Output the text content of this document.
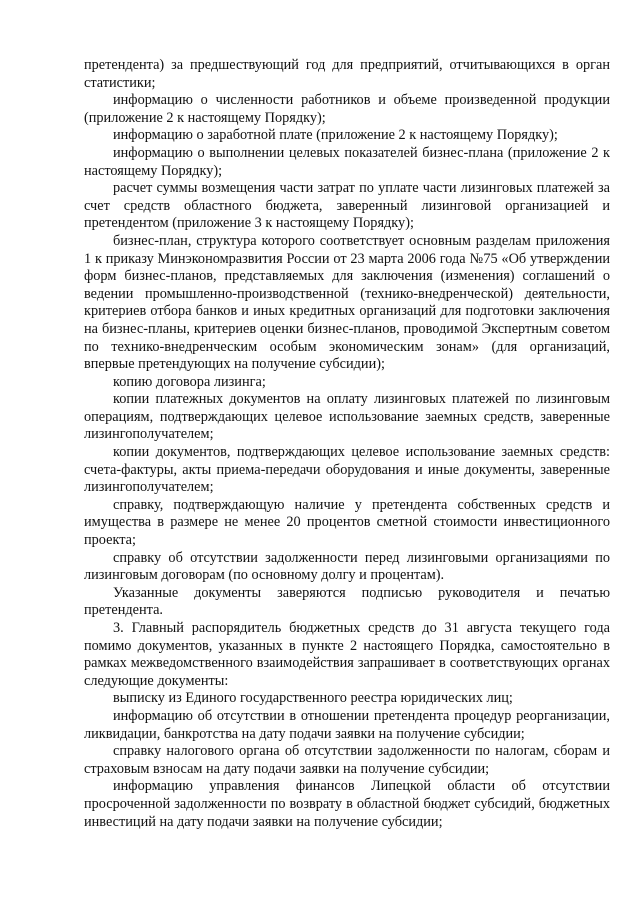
претендента) за предшествующий год для предприятий, отчитывающихся в орган статистики;

информацию о численности работников и объеме произведенной продукции (приложение 2 к настоящему Порядку);

информацию о заработной плате (приложение 2 к настоящему Порядку);

информацию о выполнении целевых показателей бизнес-плана (приложение 2 к настоящему Порядку);

расчет суммы возмещения части затрат по уплате части лизинговых платежей за счет средств областного бюджета, заверенный лизинговой организацией и претендентом (приложение 3 к настоящему Порядку);

бизнес-план, структура которого соответствует основным разделам приложения 1 к приказу Минэкономразвития России от 23 марта 2006 года №75 «Об утверждении форм бизнес-планов, представляемых для заключения (изменения) соглашений о ведении промышленно-производственной (технико-внедренческой) деятельности, критериев отбора банков и иных кредитных организаций для подготовки заключения на бизнес-планы, критериев оценки бизнес-планов, проводимой Экспертным советом по технико-внедренческим особым экономическим зонам» (для организаций, впервые претендующих на получение субсидии);

копию договора лизинга;

копии платежных документов на оплату лизинговых платежей по лизинговым операциям, подтверждающих целевое использование заемных средств, заверенные лизингополучателем;

копии документов, подтверждающих целевое использование заемных средств: счета-фактуры, акты приема-передачи оборудования и иные документы, заверенные лизингополучателем;

справку, подтверждающую наличие у претендента собственных средств и имущества в размере не менее 20 процентов сметной стоимости инвестиционного проекта;

справку об отсутствии задолженности перед лизинговыми организациями по лизинговым договорам (по основному долгу и процентам).

Указанные документы заверяются подписью руководителя и печатью претендента.

3. Главный распорядитель бюджетных средств до 31 августа текущего года помимо документов, указанных в пункте 2 настоящего Порядка, самостоятельно в рамках межведомственного взаимодействия запрашивает в соответствующих органах следующие документы:

выписку из Единого государственного реестра юридических лиц;

информацию об отсутствии в отношении претендента процедур реорганизации, ликвидации, банкротства на дату подачи заявки на получение субсидии;

справку налогового органа об отсутствии задолженности по налогам, сборам и страховым взносам на дату подачи заявки на получение субсидии;

информацию управления финансов Липецкой области об отсутствии просроченной задолженности по возврату в областной бюджет субсидий, бюджетных инвестиций на дату подачи заявки на получение субсидии;
